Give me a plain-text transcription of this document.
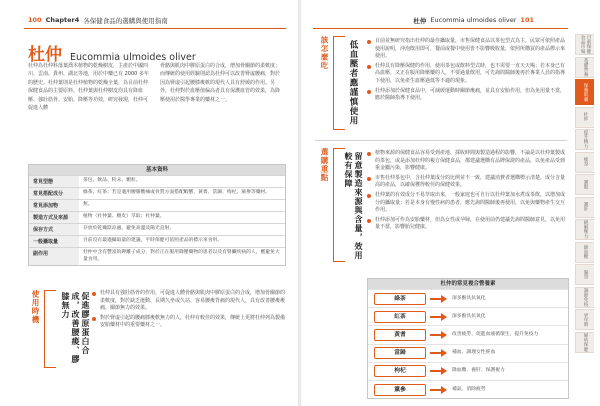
100 Chapter4 各保健食品的選購與使用指南
杜仲 Eucommia ulmoides oliver

杜仲為杜仲科落葉喬木植物的乾燥樹皮，主產於中國四川、雲南、貴州、湖北等地，用於中藥已有 2000 多年的歷史。杜仲葉則是杜仲植物的乾燥全葉，為目前杜仲保健食品的主要原料。杜仲葉與杜仲樹皮均具有降血壓、強壯筋骨、安胎、降壓等功效，研究發現，杜仲可促進人體

骨骼與肌肉中膠原蛋白的合成，增加骨關節的柔軟度；而傳統的使用經驗則認為杜仲可以改善腎虛腰痛，對於因為腎虛引起腰膝痠軟的現代人具有舒緩的作用。另外，杜仲對於血壓值偏高者具有保護血管的效果，為降壓使用於醫學專業的藥材之一。

基本資料
常見型態	茶包、飲品、粉末、顆粒。
常見搭配成分	綠茶、紅茶；若是適用腰膝酸痛或骨質方面搭配蝦蟹、黃耆、當歸、枸杞、黨參等藥材。
常見添加物	無。
製造方式及來源	植物（杜仲葉、樹皮）萃取；杜仲葉。
保存方式	存放於乾燥陰涼處，避免高溫及陽光直射。
一般攝取量	目前沒有最適攝取量的建議，平時保健可依照產品的標示來食用。
副作用	杜仲中含有豐富的鉀離子成分，對於正在服用降壓藥物的患者以及有腎臟疾病的人，應避免大量食用。
使用時機	促進膠原蛋白合成，改善腰痠、膠膝無力	杜仲具有強壯筋骨的作用，可促進人體骨骼與肌肉中膠原蛋白的合成，增加骨關節的柔軟度，對於缺乏運動、長期久坐或久站、容易腰痠背痛的現代人，具有改善腰痠痠痛、關節無力的效果。
對於腎虛引起的腰痛膝痠軟無力的人，杜仲有較佳的效果，傳統上更將杜仲列為製備安胎藥材中的重要藥材之一。
杜仲 Eucommia ulmoides oliver 101
該怎麼吃 低血壓者應謹慎使用	目前並無研究指出杜仲的最佳攝取量，市售保健食品以茶包型式為主，民眾可依照產品使用說明，沖泡飲用即可，餐前或餐中使用皆不影響吸收量，依照所購買的產品標示來使用。
杜仲具有降壓保健的作用，使用茶包或飲料型式時，也不需要一直天天喝；若本身已有高血壓，又正在服用降壓藥的人，不要過量飲用，可先詢問醫師後再於專業人員的指導下使用，以免產生血壓過低等不適的現象。
杜仲添加於保健食品中，可減緩運動時關節痠痛，並具有安胎作用，但為免用量不當，應於醫師指導下使用。
選購重點	留意製造來源與含量，效用較有保障	植物來源的保健食品容易受到產地、採收時間與製造過程的影響，不論是以杜仲葉製成的茶包，或是添加杜仲的複方保健食品，都建議選購有品牌保證的產品，以免產品受到重金屬污染，影響健康。
市售杜仲茶包中，含杜仲葉成分的比例並不一致，建議消費者選購標示清楚、成分含量高的產品，以確保獲得較佳的保健效果。
杜仲葉的有效成分不易萃取出來，一般家庭也可自行以杜仲葉加水煮成茶飲，以增加成分的攝取量；若是本身有慢性病的患者，應先詢問醫師後再使用，以免與藥物產生交互作用。
杜仲添加可作為安胎藥材，但為女性或孕婦，在使用前仍建議先詢問醫師意見，以免用量不當，影響胎兒健康。
杜仲的常見複合營養素
綠茶	深多酚具抗氧化
紅茶	深多酚具抗氧化
黃耆	改善疲勞、促進血液循環生，提升免疫力
當歸	補血、調理女性經血
枸杞	降血糖、養肝、保護視力
黨參	補氣、消除疲勞
目前保健食品市場
基礎營養
保養肌膚
杜仲
提升精力
瘦身
護眼
護肝
緩解壓力
降血糖
腸胃
調節免疫
更年期
婦幼保健
